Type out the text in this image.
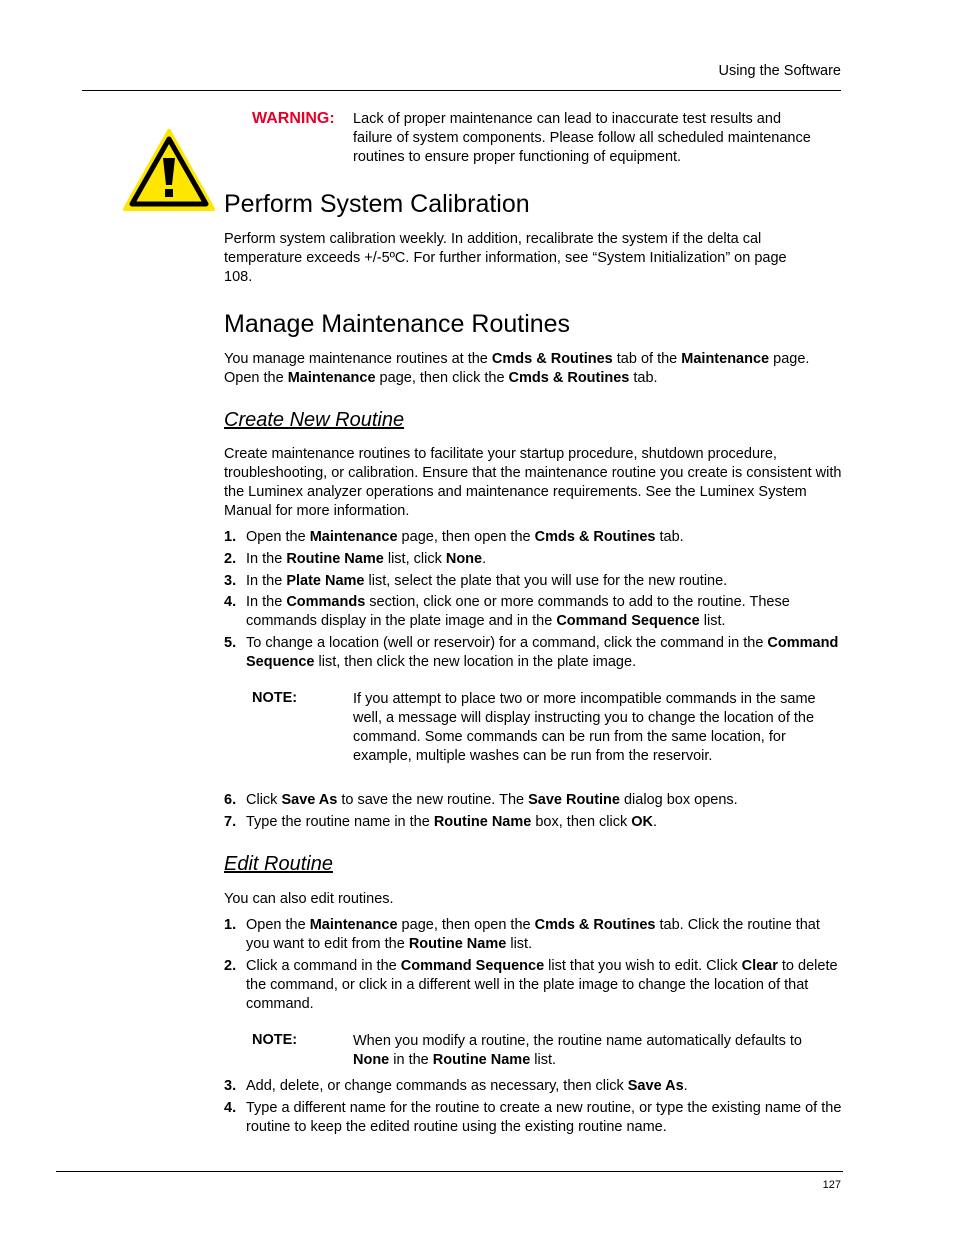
Using the Software
WARNING: Lack of proper maintenance can lead to inaccurate test results and failure of system components. Please follow all scheduled maintenance routines to ensure proper functioning of equipment.
Perform System Calibration

Perform system calibration weekly. In addition, recalibrate the system if the delta cal temperature exceeds +/-5ºC. For further information, see “System Initialization” on page 108.

Manage Maintenance Routines

You manage maintenance routines at the Cmds & Routines tab of the Maintenance page. Open the Maintenance page, then click the Cmds & Routines tab.

Create New Routine

Create maintenance routines to facilitate your startup procedure, shutdown procedure, troubleshooting, or calibration. Ensure that the maintenance routine you create is consistent with the Luminex analyzer operations and maintenance requirements. See the Luminex System Manual for more information.

1. Open the Maintenance page, then open the Cmds & Routines tab.
2. In the Routine Name list, click None.
3. In the Plate Name list, select the plate that you will use for the new routine.
4. In the Commands section, click one or more commands to add to the routine. These commands display in the plate image and in the Command Sequence list.
5. To change a location (well or reservoir) for a command, click the command in the Command Sequence list, then click the new location in the plate image.
NOTE:	If you attempt to place two or more incompatible commands in the same well, a message will display instructing you to change the location of the command. Some commands can be run from the same location, for example, multiple washes can be run from the reservoir.
6. Click Save As to save the new routine. The Save Routine dialog box opens.
7. Type the routine name in the Routine Name box, then click OK.
Edit Routine

You can also edit routines.

1. Open the Maintenance page, then open the Cmds & Routines tab. Click the routine that you want to edit from the Routine Name list.
2. Click a command in the Command Sequence list that you wish to edit. Click Clear to delete the command, or click in a different well in the plate image to change the location of that command.
NOTE:	When you modify a routine, the routine name automatically defaults to None in the Routine Name list.
3. Add, delete, or change commands as necessary, then click Save As.
4. Type a different name for the routine to create a new routine, or type the existing name of the routine to keep the edited routine using the existing routine name.
127
